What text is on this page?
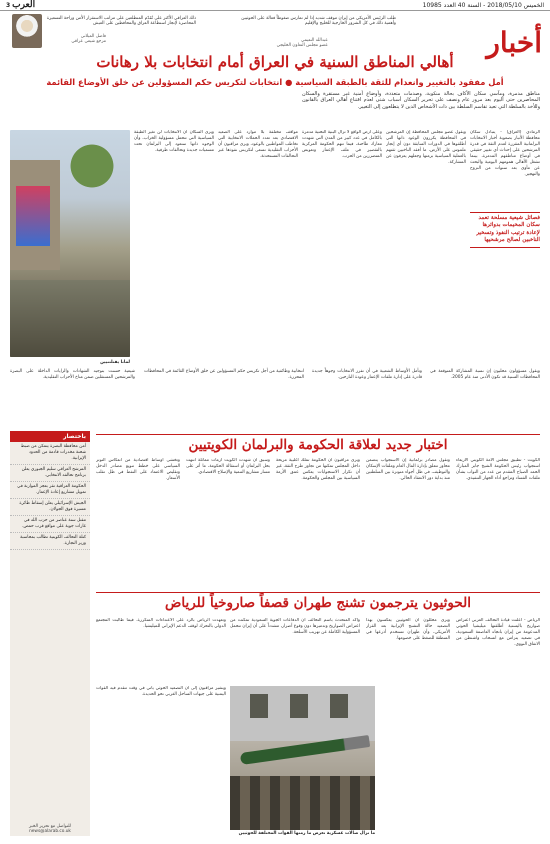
الخميس 2018/05/10 - السنة 40 العدد 10985
العرب 3
ذلك العراقي الأكثر على تُقَدّم المتطلعين على مراتب الاستقرار الأمن وراحة التسعيرة المحاصرة لإنجاز استطاعة العراق والمحافظين على العيش
فاضل الميلاني
مرجع شيعي عراقي
طلب الرئيس الأمريكي من إيران موقف شديد إذا لم تمارس ضغوطاً فعالة على الحوثيين وأهمية ذلك في كل الشرور الخارجية للخليج والإقليم
عبدالله النعيمي
عضو مجلس التعاون الخليجي	أخبار
أهالي المناطق السنية في العراق أمام انتخابات بلا رهانات
أمل مفقود بالتغيير وانعدام للثقة بالطبقة السياسية ● انتخابات لتكريس حكم المسؤولين عن خلق الأوضاع القائمة
مناطق مدمرة، ومآسي سكان الأكاف بحالة منكوبة، وصدمات متعددة، وأوضاع أمنية غير مستقرة والسكان المحاصرين حتى اليوم بعد مرور عام ونصف على تحرير السكان أسباب شتى لعدم اقتناع أهالي العراق بالقانون وللأخذ بالسلطة التي تعيد تقاسم السلطة بين ذات الأشخاص الذين لا يتطلعون إلى التغيير.
الرمادي (العراق) - يتبادل سكان محافظة الأنبار بصعوبة أخبار الانتخابات البرلمانية المقررة لعدم الثقة في قدرة المرشحين على إحداث أي تغيير حقيقي في أوضاع مناطقهم المدمرة، بينما تشغل الأهالي همومهم اليومية والبحث عن مأوى بعد سنوات من النزوح والتهجير.
ويقول عضو مجلس المحافظة إن المرشحين في المحافظة يكررون الوعود ذاتها التي أطلقوها في الدورات السابقة دون أي إنجاز ملموس على الأرض، ما أفقد الناخبين ثقتهم بالعملية السياسية برمتها وجعلهم يعزفون عن المشاركة.
وعلى أرض الواقع لا تزال البنية التحتية مدمرة بالكامل في عدد كبير من المدن التي شهدت معارك طاحنة، فيما تتهم الحكومة المركزية بالتقصير في ملف الإعمار وتعويض المتضررين من الحرب.
مواقف مختلفة بلا موارد على الصعيد الاقتصادي بعد تعدد الحملات الانتخابية التي تخاطب المواطنين بالوعود، ويرى مراقبون أن الأحزاب التقليدية تسعى لتكريس نفوذها عبر التحالفات المستحدثة.
ويرى السكان أن الانتخابات لن تغير الطبقة السياسية التي تتحمل مسؤولية الخراب، وأن الوجوه ذاتها ستعود إلى البرلمان تحت مسميات جديدة وتحالفات ظرفية.
فصائل شيعية مسلحة تعمد سكان المخيمات بدوائرها لإعادة ترتيب النفوذ وتسخير الناخبين لصالح مرشحيها
لمانا يقتلتنيين
شيعية حسنت بتوجيه الشهادات والرايات الداخلة على البصرة والمرشحين المستقلين ضمن مناخ الأحزاب التقليدية.
انتخابية وطائفية من أجل تكريس حكم المسؤولين عن خلق الأوضاع القائمة في المحافظات المحررة.
وتأمل الأوساط الشعبية في أن تفرز الانتخابات وجوهاً جديدة قادرة على إدارة ملفات الإعمار وعودة النازحين.
ويقول مسؤولون محليون إن نسبة المشاركة المتوقعة في المحافظات السنية قد تكون الأدنى منذ عام 2005.
باختصار
أمن محافظة البصرة يتمكن من ضبط شحنة مخدرات قادمة من الحدود الإيرانية.
المرشح العراقي سليم الجبوري يعلن برنامج تحالفه الانتخابي.
الحكومة العراقية تقر بعجز الموازنة في تمويل مشاريع إعادة الإعمار.
الجيش الإسرائيلي يعلن إسقاط طائرة مسيرة فوق الجولان.
مقتل ستة عناصر من حزب الله في غارات جوية على مواقع قرب حمص.
كتلة التحالف الكويتية تطالب بمحاسبة وزير التجارة.
للتواصل مع تحرير الخبر news@alarab.co.uk
اختبار جديد لعلاقة الحكومة والبرلمان الكويتيين
الكويت - تطبيق مجلس الأمة الكويتي الأربعاء استجواب رئيس الحكومة الشيخ جابر المبارك الحمد الصباح المقدم من عدد من النواب بشأن ملفات الفساد وتراجع أداء الجهاز التنفيذي.
وتقول مصادر برلمانية إن الاستجواب يتضمن محاور تتعلق بإدارة المال العام وملفات الإسكان والتوظيف، في ظل أجواء متوترة بين السلطتين منذ بداية دور الانعقاد الحالي.
ويرى مراقبون أن الحكومة تملك أغلبية مريحة داخل المجلس تمكنها من تجاوز طرح الثقة، غير أن تكرار الاستجوابات يعكس عمق الأزمة السياسية بين المجلس والحكومة.
وسبق أن شهدت الكويت أزمات مماثلة انتهت بحل البرلمان أو استقالة الحكومة، ما أثر على مسار مشاريع التنمية والإصلاح الاقتصادي.
وتخشى أوساط اقتصادية من انعكاس التوتر السياسي على خطط تنويع مصادر الدخل وتقليص الاعتماد على النفط في ظل تقلب الأسعار.
الحوثيون يترجمون تشنج طهران قصفاً صاروخياً للرياض
الرياض - أعلنت قيادة التحالف العربي اعتراض صواريخ باليستية أطلقتها ميليشيا الحوثي المدعومة من إيران باتجاه العاصمة السعودية، في تصعيد يتزامن مع انسحاب واشنطن من الاتفاق النووي.
ويرى محللون أن الحوثيين يعكسون بهذا التصعيد حالة التشنج الإيرانية بعد القرار الأمريكي، وأن طهران تستخدم أذرعها في المنطقة للضغط على خصومها.
وأكد المتحدث باسم التحالف أن الدفاعات الجوية السعودية تمكنت من اعتراض الصواريخ وتدميرها دون وقوع أضرار، مشدداً على أن إيران تتحمل المسؤولية الكاملة عن تهريب الأسلحة.
وتعهدت الرياض بالرد على الاعتداءات المتكررة، فيما طالبت المجتمع الدولي بالتحرك لوقف الدعم الإيراني للميليشيا.
ويشير مراقبون إلى أن التصعيد الحوثي يأتي في وقت تتقدم فيه القوات اليمنية على جبهات الساحل الغربي نحو الحديدة.
ما تزال صالات عسكرية تعرض ما رمتها القوات المختلفة للحوثيين
